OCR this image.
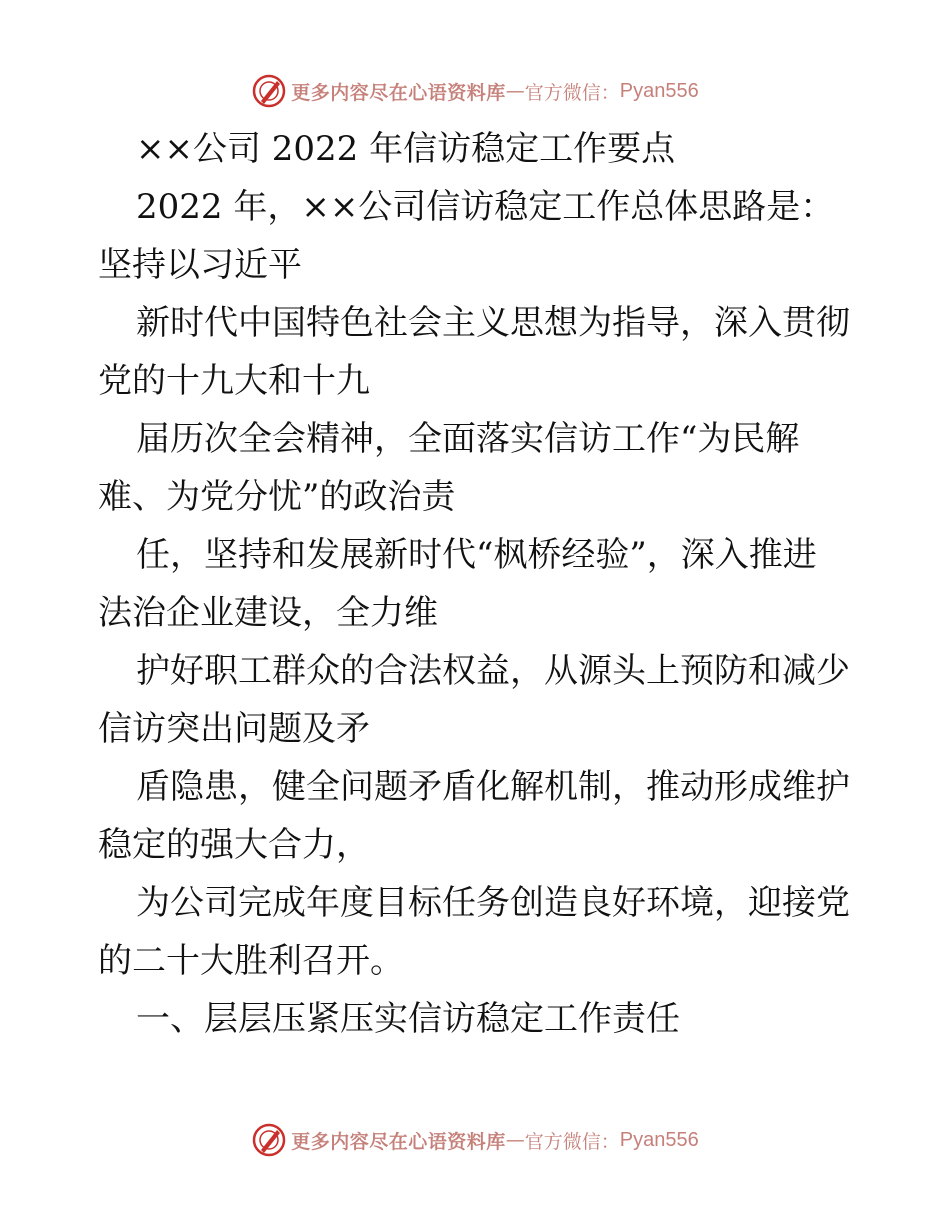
更多内容尽在心语资料库 — 官方微信： Pyan556
××公司 2022 年信访稳定工作要点
2022 年，××公司信访稳定工作总体思路是：
坚持以习近平
新时代中国特色社会主义思想为指导，深入贯彻
党的十九大和十九
届历次全会精神，全面落实信访工作“为民解
难、为党分忧”的政治责
任，坚持和发展新时代“枫桥经验”，深入推进
法治企业建设，全力维
护好职工群众的合法权益，从源头上预防和减少
信访突出问题及矛
盾隐患，健全问题矛盾化解机制，推动形成维护
稳定的强大合力，
为公司完成年度目标任务创造良好环境，迎接党
的二十大胜利召开。
一、层层压紧压实信访稳定工作责任
更多内容尽在心语资料库 — 官方微信： Pyan556
